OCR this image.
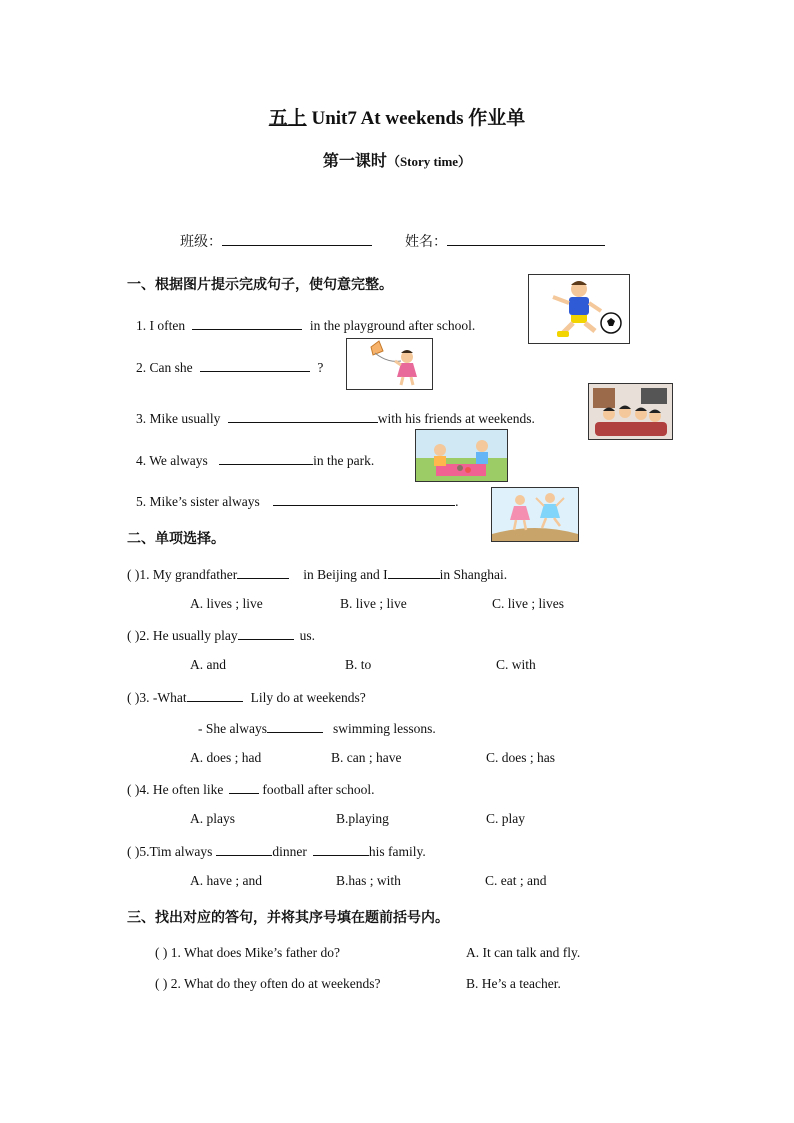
五上 Unit7 At weekends 作业单
第一课时（Story time）
班级：	姓名：
一、根据图片提示完成句子，使句意完整。
1. I often	in the playground after school.
2. Can she	?
3. Mike usually	with his friends at weekends.
4. We always	in the park.
5. Mike’s sister always	.
二、单项选择。
( )1. My grandfather	in Beijing and I	in Shanghai.
A. lives ; live	B. live ; live	C. live ; lives
( )2. He usually play	us.
A. and	B. to	C. with
( )3. -What	Lily do at weekends?
- She always	swimming lessons.
A. does ; had	B. can ; have	C. does ; has
( )4. He often like	football after school.
A. plays	B.playing	C. play
( )5.Tim always	dinner	his family.
A. have ; and	B.has ; with	C. eat ; and
三、找出对应的答句，并将其序号填在题前括号内。
( ) 1. What does Mike’s father do?	A. It can talk and fly.
( ) 2. What do they often do at weekends?	B. He’s a teacher.
